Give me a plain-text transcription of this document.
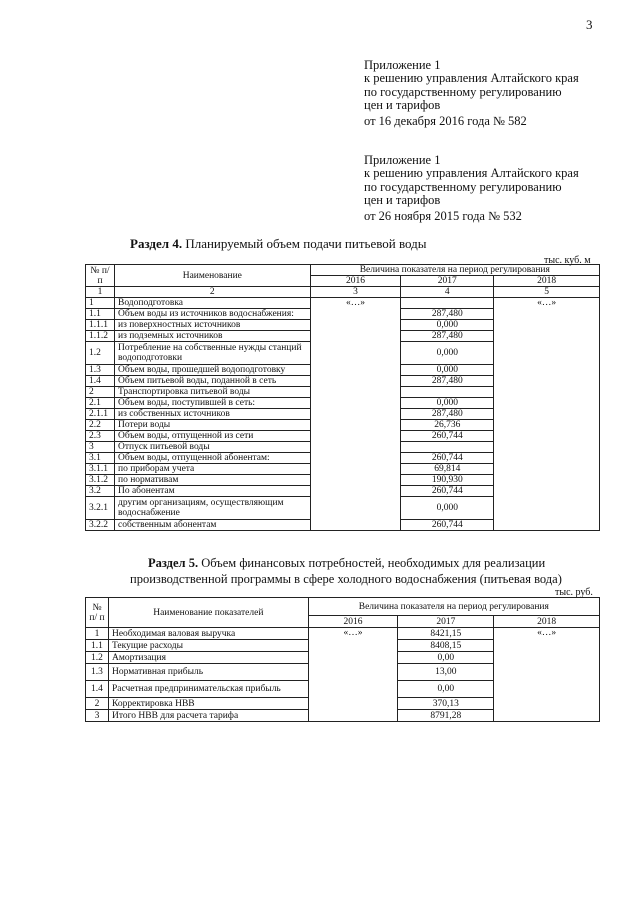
3
Приложение 1
к решению управления Алтайского края
по государственному регулированию
цен и тарифов
от 16 декабря 2016 года № 582
Приложение 1
к решению управления Алтайского края
по государственному регулированию
цен и тарифов
от 26 ноября 2015 года № 532
Раздел 4. Планируемый объем подачи питьевой воды
тыс. куб. м
№ п/п	Наименование	Величина показателя на период регулирования		
		2016	2017	2018
1	2	3	4	5
1	Водоподготовка	«…»		«…»
1.1	Объем воды из источников водоснабжения:		287,480	
1.1.1	из поверхностных источников		0,000	
1.1.2	из подземных источников		287,480	
1.2	Потребление на собственные нужды станций водоподготовки		0,000	
1.3	Объем воды, прошедшей водоподготовку		0,000	
1.4	Объем питьевой воды, поданной в сеть		287,480	
2	Транспортировка питьевой воды			
2.1	Объем воды, поступившей в сеть:		0,000	
2.1.1	из собственных источников		287,480	
2.2	Потери воды		26,736	
2.3	Объем воды, отпущенной из сети		260,744	
3	Отпуск питьевой воды			
3.1	Объем воды, отпущенной абонентам:		260,744	
3.1.1	по приборам учета		69,814	
3.1.2	по нормативам		190,930	
3.2	По абонентам		260,744	
3.2.1	другим организациям, осуществляющим водоснабжение		0,000	
3.2.2	собственным абонентам		260,744	
Раздел 5. Объем финансовых потребностей, необходимых для реализации производственной программы в сфере холодного водоснабжения (питьевая вода)
тыс. руб.
№ п/ п	Наименование показателей	Величина показателя на период регулирования		
		2016	2017	2018
1	Необходимая валовая выручка	«…»	8421,15	«…»
1.1	Текущие расходы		8408,15	
1.2	Амортизация		0,00	
1.3	Нормативная прибыль		13,00	
1.4	Расчетная предпринимательская прибыль		0,00	
2	Корректировка НВВ		370,13	
3	Итого НВВ для расчета тарифа		8791,28	
